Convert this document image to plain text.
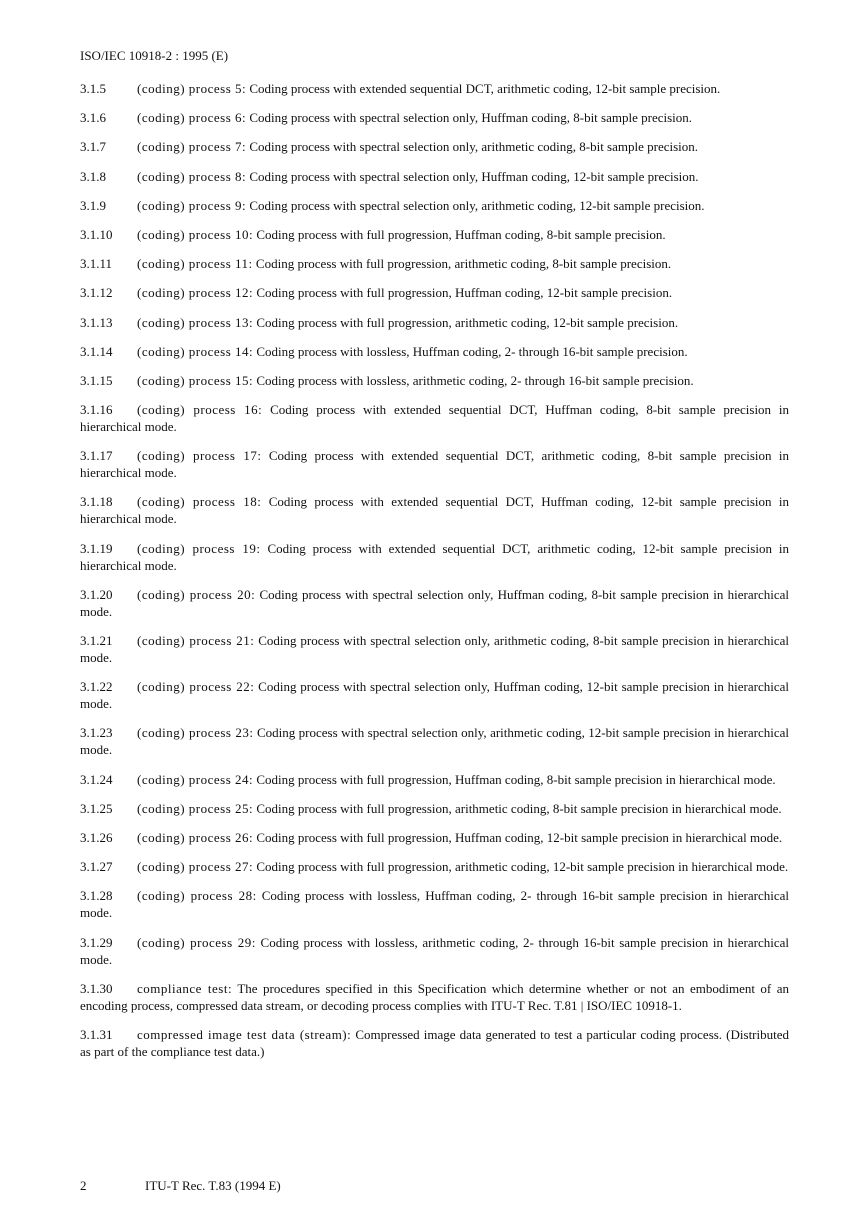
ISO/IEC 10918-2 : 1995 (E)

3.1.5 (coding) process 5: Coding process with extended sequential DCT, arithmetic coding, 12-bit sample precision.

3.1.6 (coding) process 6: Coding process with spectral selection only, Huffman coding, 8-bit sample precision.

3.1.7 (coding) process 7: Coding process with spectral selection only, arithmetic coding, 8-bit sample precision.

3.1.8 (coding) process 8: Coding process with spectral selection only, Huffman coding, 12-bit sample precision.

3.1.9 (coding) process 9: Coding process with spectral selection only, arithmetic coding, 12-bit sample precision.

3.1.10 (coding) process 10: Coding process with full progression, Huffman coding, 8-bit sample precision.

3.1.11 (coding) process 11: Coding process with full progression, arithmetic coding, 8-bit sample precision.

3.1.12 (coding) process 12: Coding process with full progression, Huffman coding, 12-bit sample precision.

3.1.13 (coding) process 13: Coding process with full progression, arithmetic coding, 12-bit sample precision.

3.1.14 (coding) process 14: Coding process with lossless, Huffman coding, 2- through 16-bit sample precision.

3.1.15 (coding) process 15: Coding process with lossless, arithmetic coding, 2- through 16-bit sample precision.

3.1.16 (coding) process 16: Coding process with extended sequential DCT, Huffman coding, 8-bit sample precision in hierarchical mode.

3.1.17 (coding) process 17: Coding process with extended sequential DCT, arithmetic coding, 8-bit sample precision in hierarchical mode.

3.1.18 (coding) process 18: Coding process with extended sequential DCT, Huffman coding, 12-bit sample precision in hierarchical mode.

3.1.19 (coding) process 19: Coding process with extended sequential DCT, arithmetic coding, 12-bit sample precision in hierarchical mode.

3.1.20 (coding) process 20: Coding process with spectral selection only, Huffman coding, 8-bit sample precision in hierarchical mode.

3.1.21 (coding) process 21: Coding process with spectral selection only, arithmetic coding, 8-bit sample precision in hierarchical mode.

3.1.22 (coding) process 22: Coding process with spectral selection only, Huffman coding, 12-bit sample precision in hierarchical mode.

3.1.23 (coding) process 23: Coding process with spectral selection only, arithmetic coding, 12-bit sample precision in hierarchical mode.

3.1.24 (coding) process 24: Coding process with full progression, Huffman coding, 8-bit sample precision in hierarchical mode.

3.1.25 (coding) process 25: Coding process with full progression, arithmetic coding, 8-bit sample precision in hierarchical mode.

3.1.26 (coding) process 26: Coding process with full progression, Huffman coding, 12-bit sample precision in hierarchical mode.

3.1.27 (coding) process 27: Coding process with full progression, arithmetic coding, 12-bit sample precision in hierarchical mode.

3.1.28 (coding) process 28: Coding process with lossless, Huffman coding, 2- through 16-bit sample precision in hierarchical mode.

3.1.29 (coding) process 29: Coding process with lossless, arithmetic coding, 2- through 16-bit sample precision in hierarchical mode.

3.1.30 compliance test: The procedures specified in this Specification which determine whether or not an embodiment of an encoding process, compressed data stream, or decoding process complies with ITU-T Rec. T.81 | ISO/IEC 10918-1.

3.1.31 compressed image test data (stream): Compressed image data generated to test a particular coding process. (Distributed as part of the compliance test data.)

2	ITU-T Rec. T.83 (1994 E)
